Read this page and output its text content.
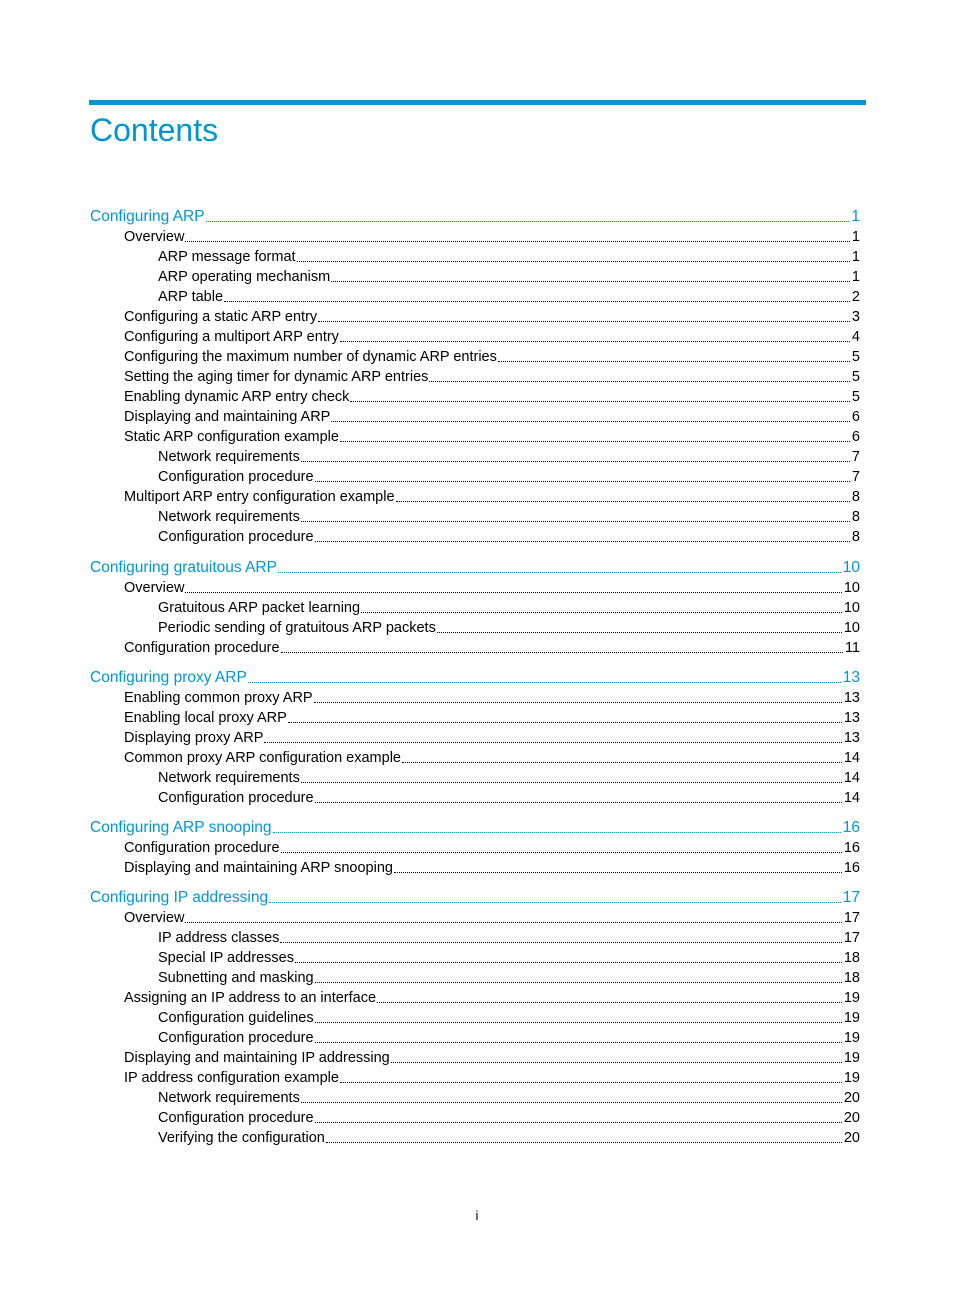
Contents
Configuring ARP	1
Overview	1
ARP message format	1
ARP operating mechanism	1
ARP table	2
Configuring a static ARP entry	3
Configuring a multiport ARP entry	4
Configuring the maximum number of dynamic ARP entries	5
Setting the aging timer for dynamic ARP entries	5
Enabling dynamic ARP entry check	5
Displaying and maintaining ARP	6
Static ARP configuration example	6
Network requirements	7
Configuration procedure	7
Multiport ARP entry configuration example	8
Network requirements	8
Configuration procedure	8
Configuring gratuitous ARP	10
Overview	10
Gratuitous ARP packet learning	10
Periodic sending of gratuitous ARP packets	10
Configuration procedure	11
Configuring proxy ARP	13
Enabling common proxy ARP	13
Enabling local proxy ARP	13
Displaying proxy ARP	13
Common proxy ARP configuration example	14
Network requirements	14
Configuration procedure	14
Configuring ARP snooping	16
Configuration procedure	16
Displaying and maintaining ARP snooping	16
Configuring IP addressing	17
Overview	17
IP address classes	17
Special IP addresses	18
Subnetting and masking	18
Assigning an IP address to an interface	19
Configuration guidelines	19
Configuration procedure	19
Displaying and maintaining IP addressing	19
IP address configuration example	19
Network requirements	20
Configuration procedure	20
Verifying the configuration	20
i
